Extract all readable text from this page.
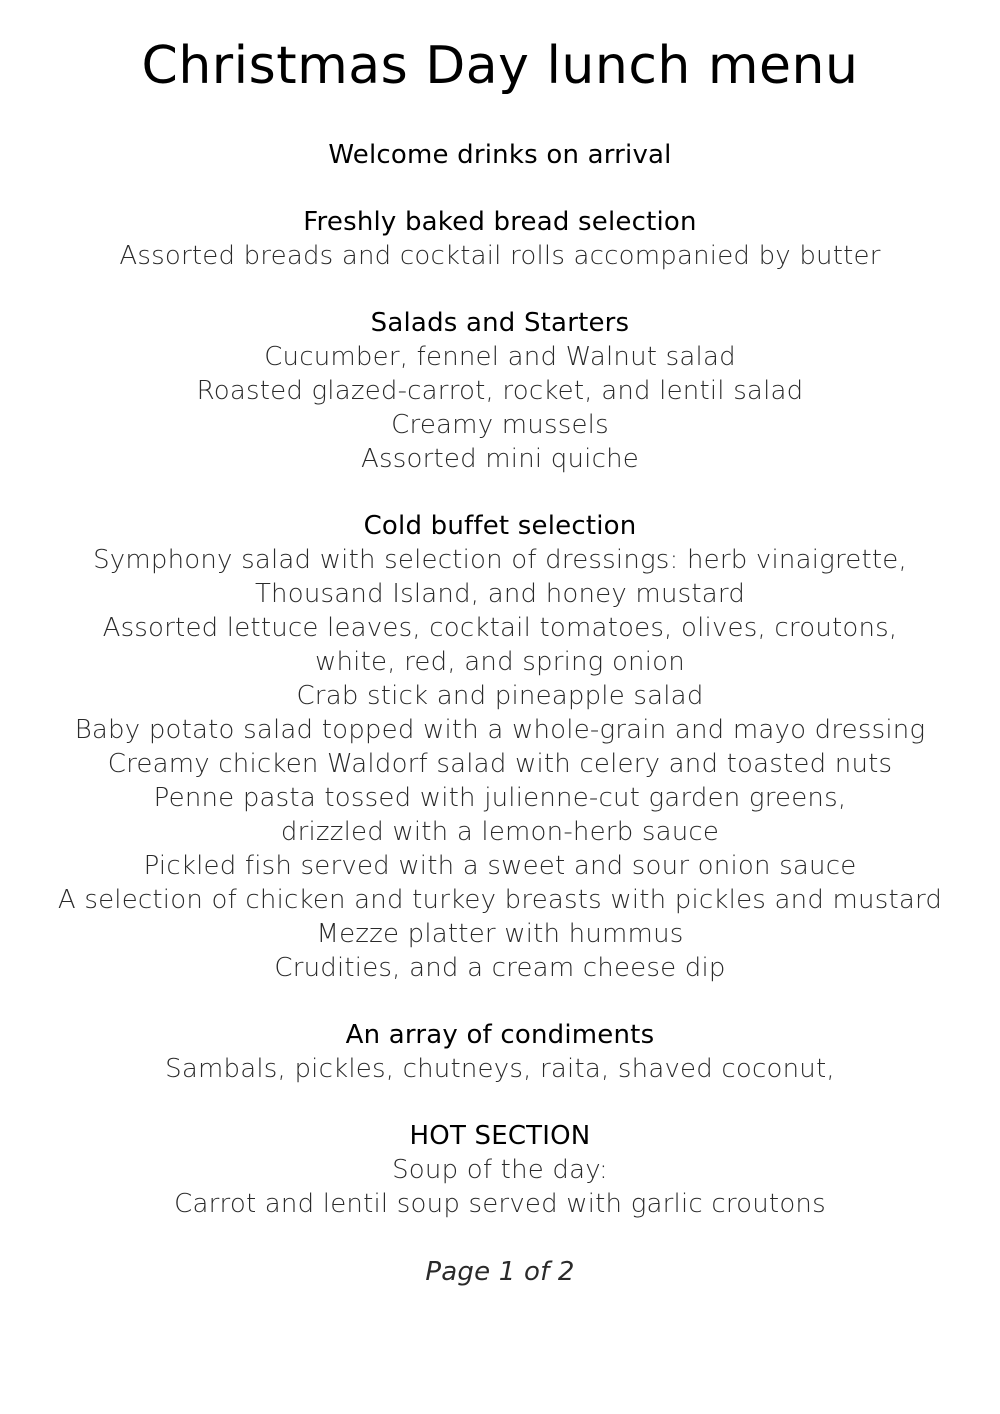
Christmas Day lunch menu
Welcome drinks on arrival
Freshly baked bread selection
Assorted breads and cocktail rolls accompanied by butter
Salads and Starters
Cucumber, fennel and Walnut salad
Roasted glazed-carrot, rocket, and lentil salad
Creamy mussels
Assorted mini quiche
Cold buffet selection
Symphony salad with selection of dressings: herb vinaigrette,
Thousand Island, and honey mustard
Assorted lettuce leaves, cocktail tomatoes, olives, croutons,
white, red, and spring onion
Crab stick and pineapple salad
Baby potato salad topped with a whole-grain and mayo dressing
Creamy chicken Waldorf salad with celery and toasted nuts
Penne pasta tossed with julienne-cut garden greens,
drizzled with a lemon-herb sauce
Pickled fish served with a sweet and sour onion sauce
A selection of chicken and turkey breasts with pickles and mustard
Mezze platter with hummus
Crudities, and a cream cheese dip
An array of condiments
Sambals, pickles, chutneys, raita, shaved coconut,
HOT SECTION
Soup of the day:
Carrot and lentil soup served with garlic croutons
Page 1 of 2
